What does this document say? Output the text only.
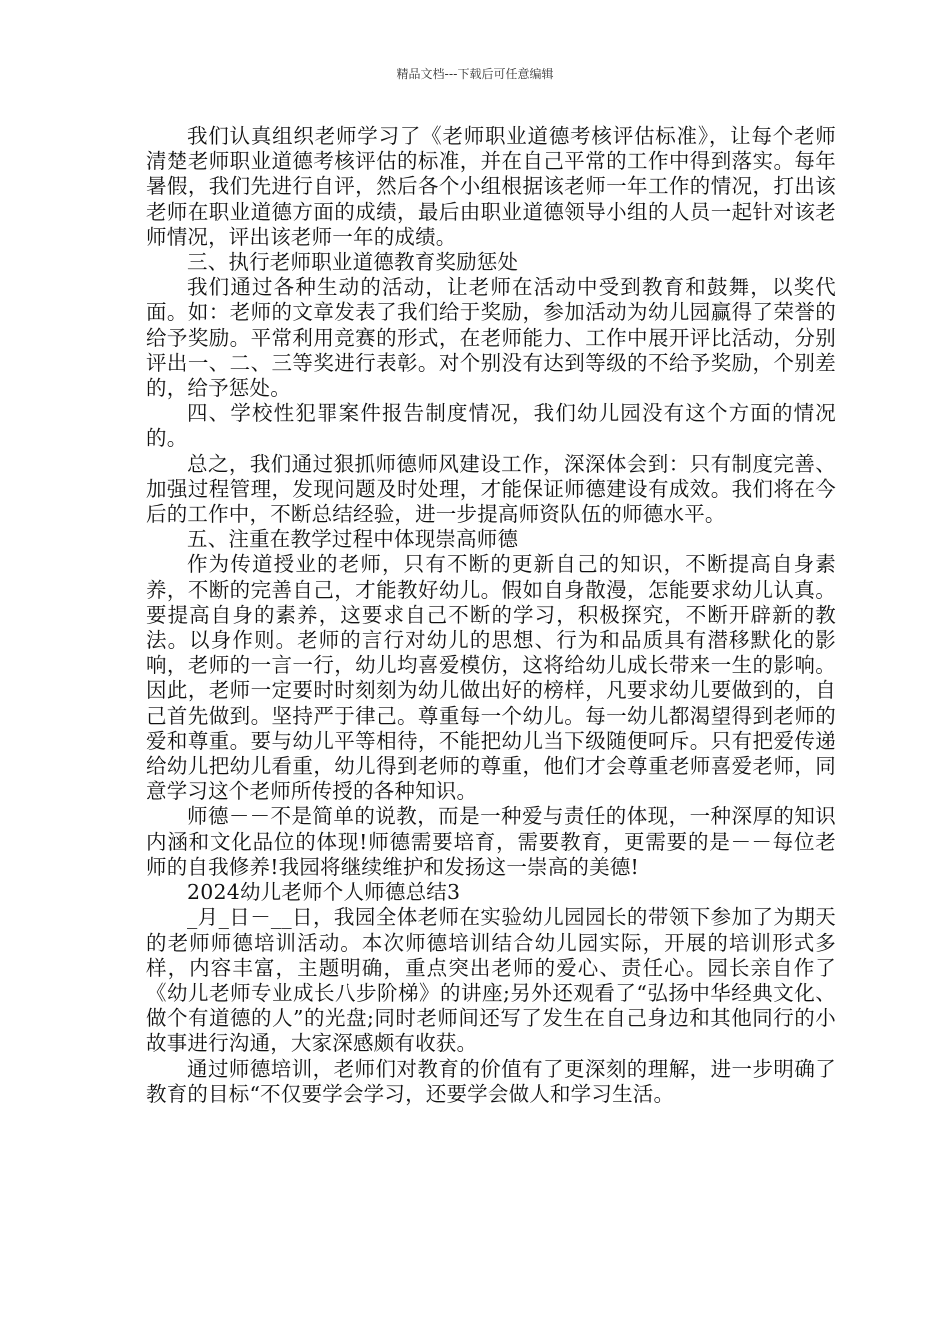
精品文档---下载后可任意编辑

我们认真组织老师学习了《老师职业道德考核评估标准》，让每个老师清楚老师职业道德考核评估的标准，并在自己平常的工作中得到落实。每年暑假，我们先进行自评，然后各个小组根据该老师一年工作的情况，打出该老师在职业道德方面的成绩，最后由职业道德领导小组的人员一起针对该老师情况，评出该老师一年的成绩。

三、执行老师职业道德教育奖励惩处

我们通过各种生动的活动，让老师在活动中受到教育和鼓舞，以奖代面。如：老师的文章发表了我们给于奖励，参加活动为幼儿园赢得了荣誉的给予奖励。平常利用竞赛的形式，在老师能力、工作中展开评比活动，分别评出一、二、三等奖进行表彰。对个别没有达到等级的不给予奖励，个别差的，给予惩处。

四、学校性犯罪案件报告制度情况，我们幼儿园没有这个方面的情况的。

总之，我们通过狠抓师德师风建设工作，深深体会到：只有制度完善、加强过程管理，发现问题及时处理，才能保证师德建设有成效。我们将在今后的工作中，不断总结经验，进一步提高师资队伍的师德水平。

五、注重在教学过程中体现崇高师德

作为传道授业的老师，只有不断的更新自己的知识，不断提高自身素养，不断的完善自己，才能教好幼儿。假如自身散漫，怎能要求幼儿认真。要提高自身的素养，这要求自己不断的学习，积极探究，不断开辟新的教法。以身作则。老师的言行对幼儿的思想、行为和品质具有潜移默化的影响，老师的一言一行，幼儿均喜爱模仿，这将给幼儿成长带来一生的影响。因此，老师一定要时时刻刻为幼儿做出好的榜样，凡要求幼儿要做到的，自己首先做到。坚持严于律己。尊重每一个幼儿。每一幼儿都渴望得到老师的爱和尊重。要与幼儿平等相待，不能把幼儿当下级随便呵斥。只有把爱传递给幼儿把幼儿看重，幼儿得到老师的尊重，他们才会尊重老师喜爱老师，同意学习这个老师所传授的各种知识。

师德－－不是简单的说教，而是一种爱与责任的体现，一种深厚的知识内涵和文化品位的体现!师德需要培育，需要教育，更需要的是－－每位老师的自我修养!我园将继续维护和发扬这一崇高的美德!

2024幼儿老师个人师德总结3

_月_日－__日，我园全体老师在实验幼儿园园长的带领下参加了为期天的老师师德培训活动。本次师德培训结合幼儿园实际，开展的培训形式多样，内容丰富，主题明确，重点突出老师的爱心、责任心。园长亲自作了《幼儿老师专业成长八步阶梯》的讲座;另外还观看了“弘扬中华经典文化、做个有道德的人”的光盘;同时老师间还写了发生在自己身边和其他同行的小故事进行沟通，大家深感颇有收获。

通过师德培训，老师们对教育的价值有了更深刻的理解，进一步明确了教育的目标“不仅要学会学习，还要学会做人和学习生活。
